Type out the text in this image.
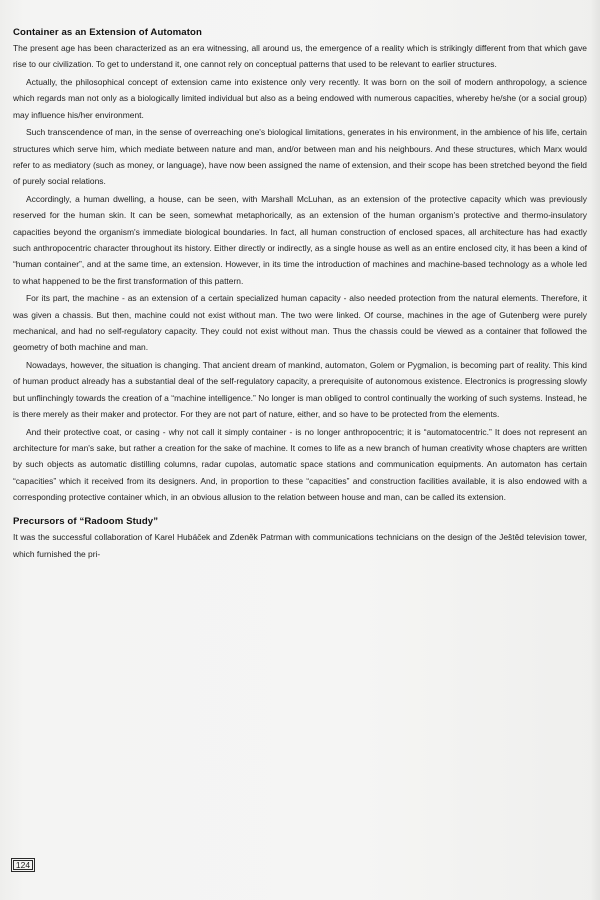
Container as an Extension of Automaton

The present age has been characterized as an era witnessing, all around us, the emergence of a reality which is strikingly different from that which gave rise to our civilization. To get to understand it, one cannot rely on conceptual patterns that used to be relevant to earlier structures.

Actually, the philosophical concept of extension came into existence only very recently. It was born on the soil of modern anthropology, a science which regards man not only as a biologically limited individual but also as a being endowed with numerous capacities, whereby he/she (or a social group) may influence his/her environment.

Such transcendence of man, in the sense of overreaching one's biological limitations, generates in his environment, in the ambience of his life, certain structures which serve him, which mediate between nature and man, and/or between man and his neighbours. And these structures, which Marx would refer to as mediatory (such as money, or language), have now been assigned the name of extension, and their scope has been stretched beyond the field of purely social relations.

Accordingly, a human dwelling, a house, can be seen, with Marshall McLuhan, as an extension of the protective capacity which was previously reserved for the human skin. It can be seen, somewhat metaphorically, as an extension of the human organism's protective and thermo-insulatory capacities beyond the organism's immediate biological boundaries. In fact, all human construction of enclosed spaces, all architecture has had exactly such anthropocentric character throughout its history. Either directly or indirectly, as a single house as well as an entire enclosed city, it has been a kind of “human container”, and at the same time, an extension. However, in its time the introduction of machines and machine-based technology as a whole led to what happened to be the first transformation of this pattern.

For its part, the machine - as an extension of a certain specialized human capacity - also needed protection from the natural elements. Therefore, it was given a chassis. But then, machine could not exist without man. The two were linked. Of course, machines in the age of Gutenberg were purely mechanical, and had no self-regulatory capacity. They could not exist without man. Thus the chassis could be viewed as a container that followed the geometry of both machine and man.

Nowadays, however, the situation is changing. That ancient dream of mankind, automaton, Golem or Pygmalion, is becoming part of reality. This kind of human product already has a substantial deal of the self-regulatory capacity, a prerequisite of autonomous existence. Electronics is progressing slowly but unflinchingly towards the creation of a “machine intelligence.” No longer is man obliged to control continually the working of such systems. Instead, he is there merely as their maker and protector. For they are not part of nature, either, and so have to be protected from the elements.

And their protective coat, or casing - why not call it simply container - is no longer anthropocentric; it is “automatocentric.” It does not represent an architecture for man's sake, but rather a creation for the sake of machine. It comes to life as a new branch of human creativity whose chapters are written by such objects as automatic distilling columns, radar cupolas, automatic space stations and communication equipments. An automaton has certain “capacities” which it received from its designers. And, in proportion to these “capacities” and construction facilities available, it is also endowed with a corresponding protective container which, in an obvious allusion to the relation between house and man, can be called its extension.

Precursors of “Radoom Study”

It was the successful collaboration of Karel Hubáček and Zdeněk Patrman with communications technicians on the design of the Ještěd television tower, which furnished the pri-

124
